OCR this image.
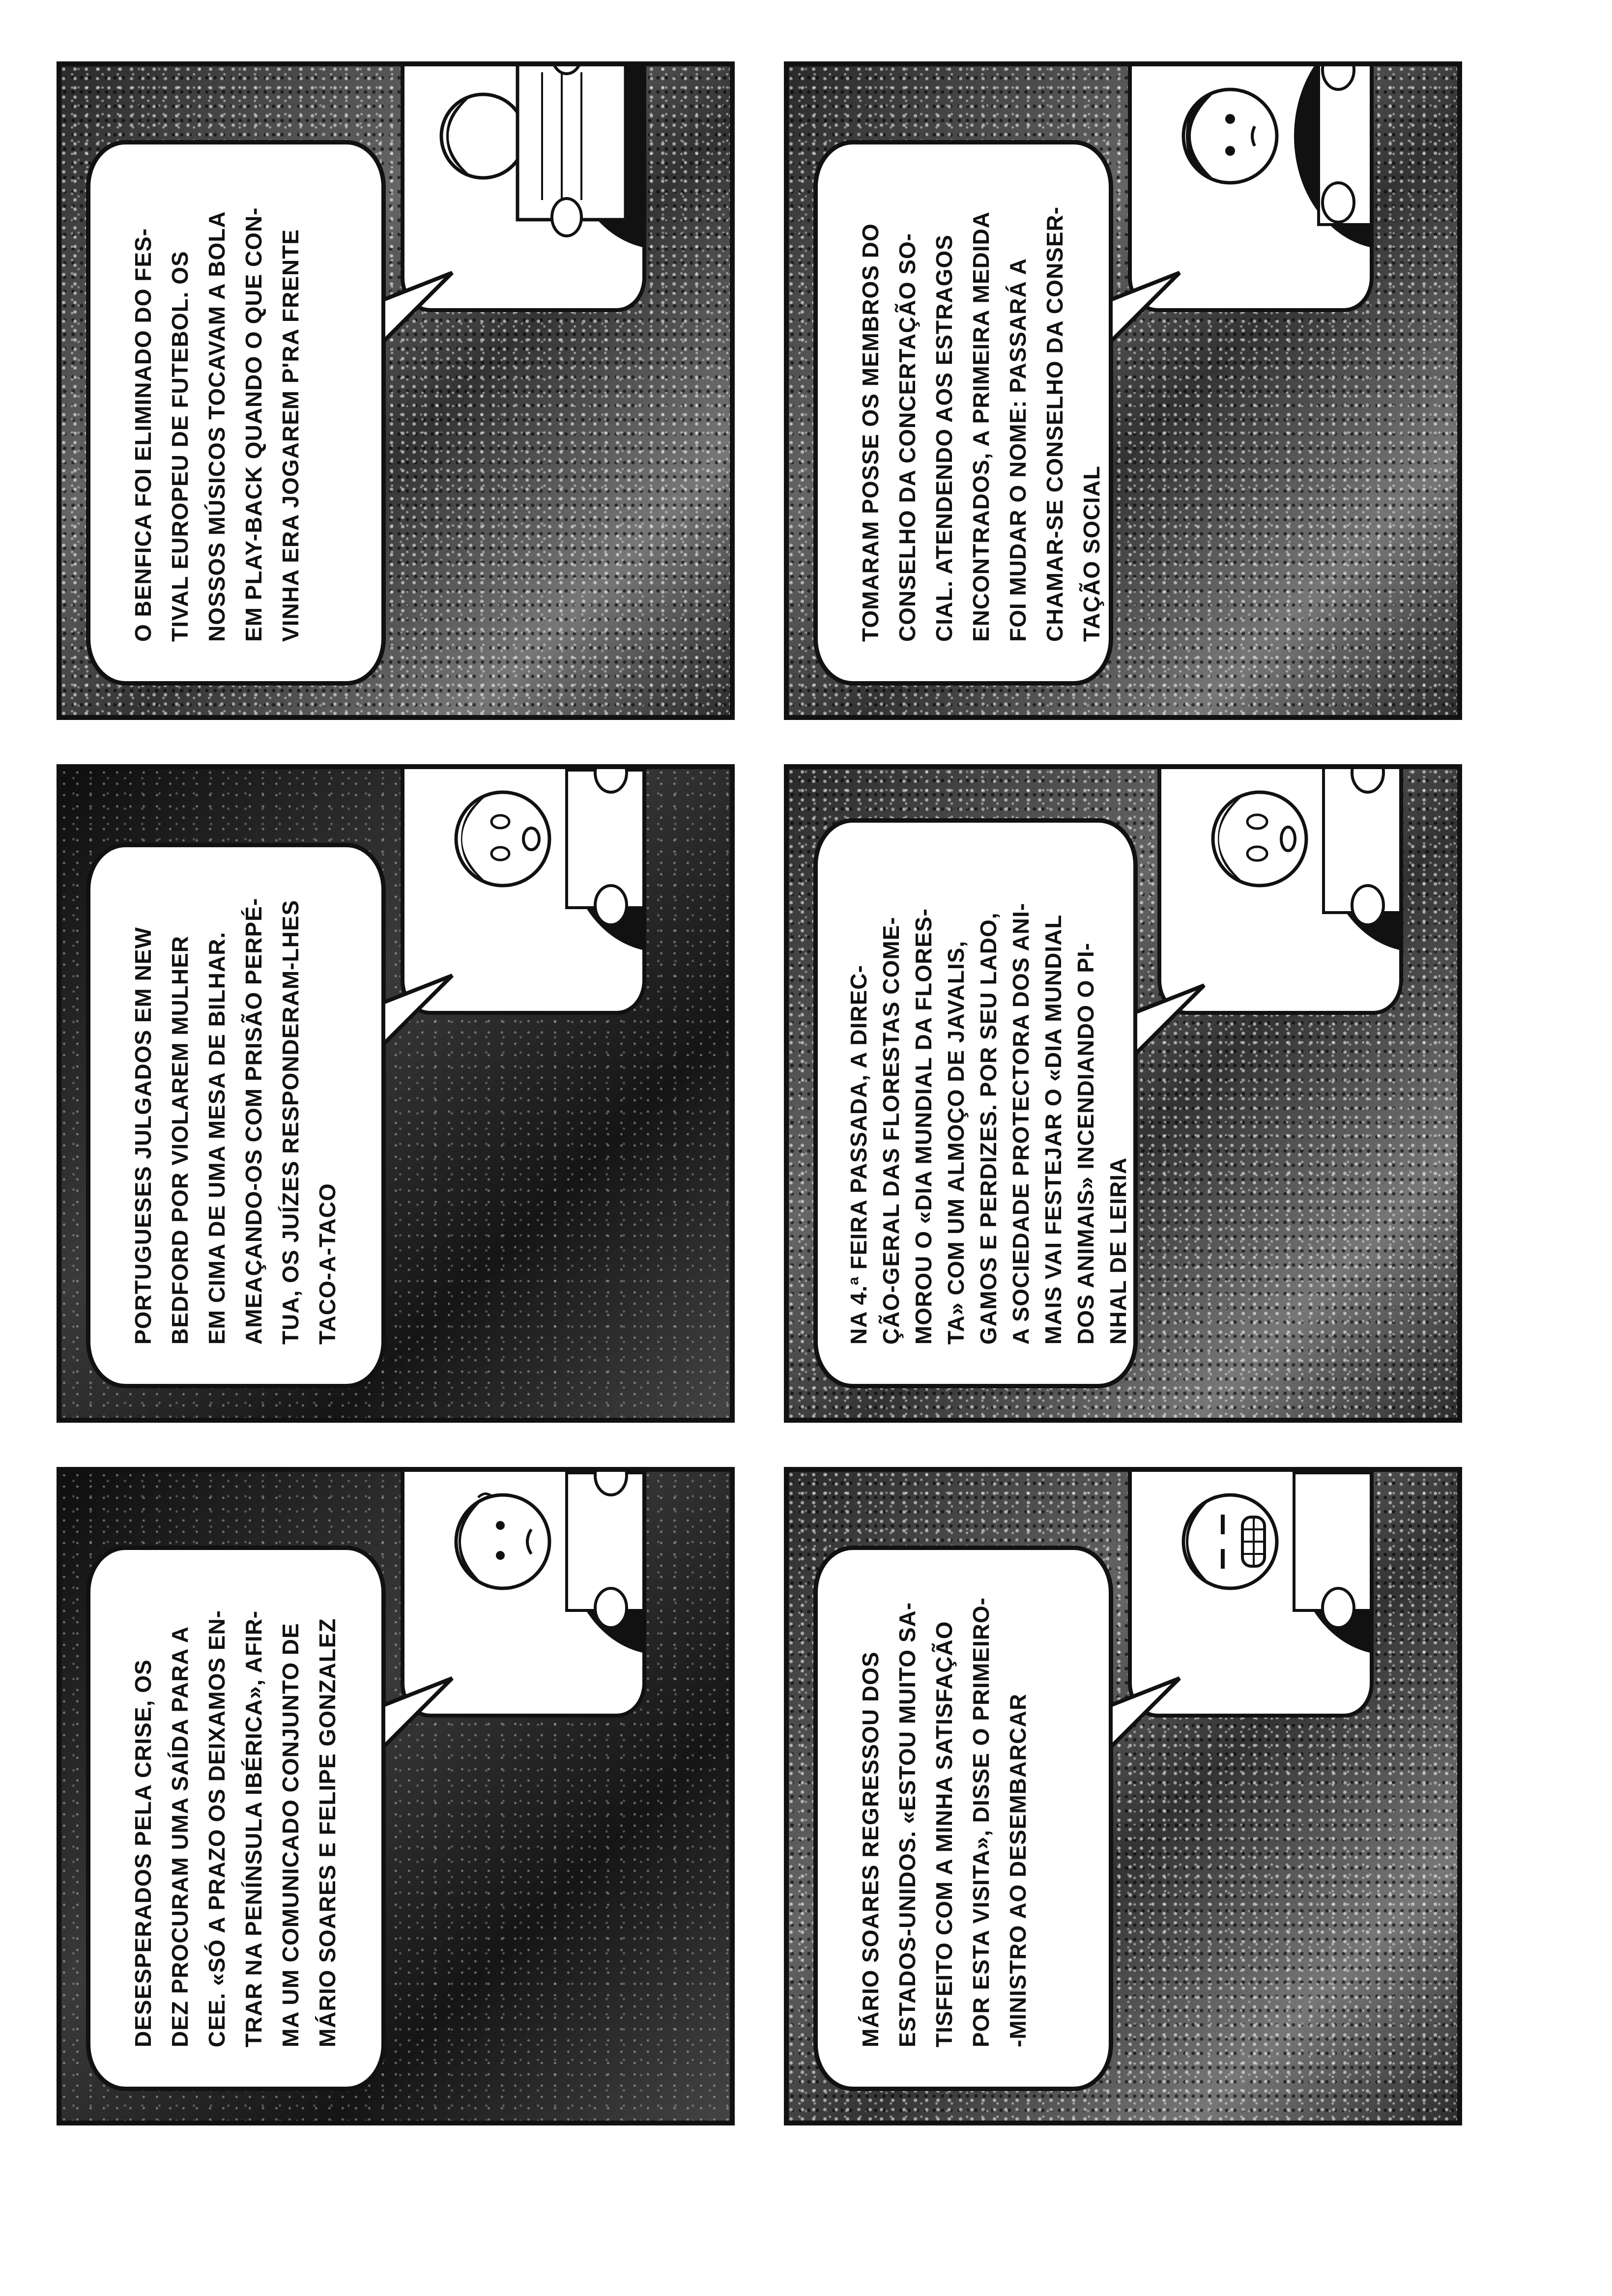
TOMARAM POSSE OS MEMBROS DO
CONSELHO DA CONCERTAÇÃO SO-
CIAL. ATENDENDO AOS ESTRAGOS
ENCONTRADOS, A PRIMEIRA MEDIDA
FOI MUDAR O NOME: PASSARÁ A
CHAMAR-SE CONSELHO DA CONSER-
TAÇÃO SOCIAL

NA 4.ª FEIRA PASSADA, A DIREC-
ÇÃO-GERAL DAS FLORESTAS COME-
MOROU O «DIA MUNDIAL DA FLORES-
TA» COM UM ALMOÇO DE JAVALIS,
GAMOS E PERDIZES. POR SEU LADO,
A SOCIEDADE PROTECTORA DOS ANI-
MAIS VAI FESTEJAR O «DIA MUNDIAL
DOS ANIMAIS» INCENDIANDO O PI-
NHAL DE LEIRIA

MÁRIO SOARES REGRESSOU DOS
ESTADOS-UNIDOS. «ESTOU MUITO SA-
TISFEITO COM A MINHA SATISFAÇÃO
POR ESTA VISITA», DISSE O PRIMEIRO-
-MINISTRO AO DESEMBARCAR

O BENFICA FOI ELIMINADO DO FES-
TIVAL EUROPEU DE FUTEBOL. OS
NOSSOS MÚSICOS TOCAVAM A BOLA
EM PLAY-BACK QUANDO O QUE CON-
VINHA ERA JOGAREM P'RA FRENTE

PORTUGUESES JULGADOS EM NEW
BEDFORD POR VIOLAREM MULHER
EM CIMA DE UMA MESA DE BILHAR.
AMEAÇANDO-OS COM PRISÃO PERPÉ-
TUA, OS JUÍZES RESPONDERAM-LHES
TACO-A-TACO

DESESPERADOS PELA CRISE, OS
DEZ PROCURAM UMA SAÍDA PARA A
CEE. «SÓ A PRAZO OS DEIXAMOS EN-
TRAR NA PENÍNSULA IBÉRICA», AFIR-
MA UM COMUNICADO CONJUNTO DE
MÁRIO SOARES E FELIPE GONZALEZ
